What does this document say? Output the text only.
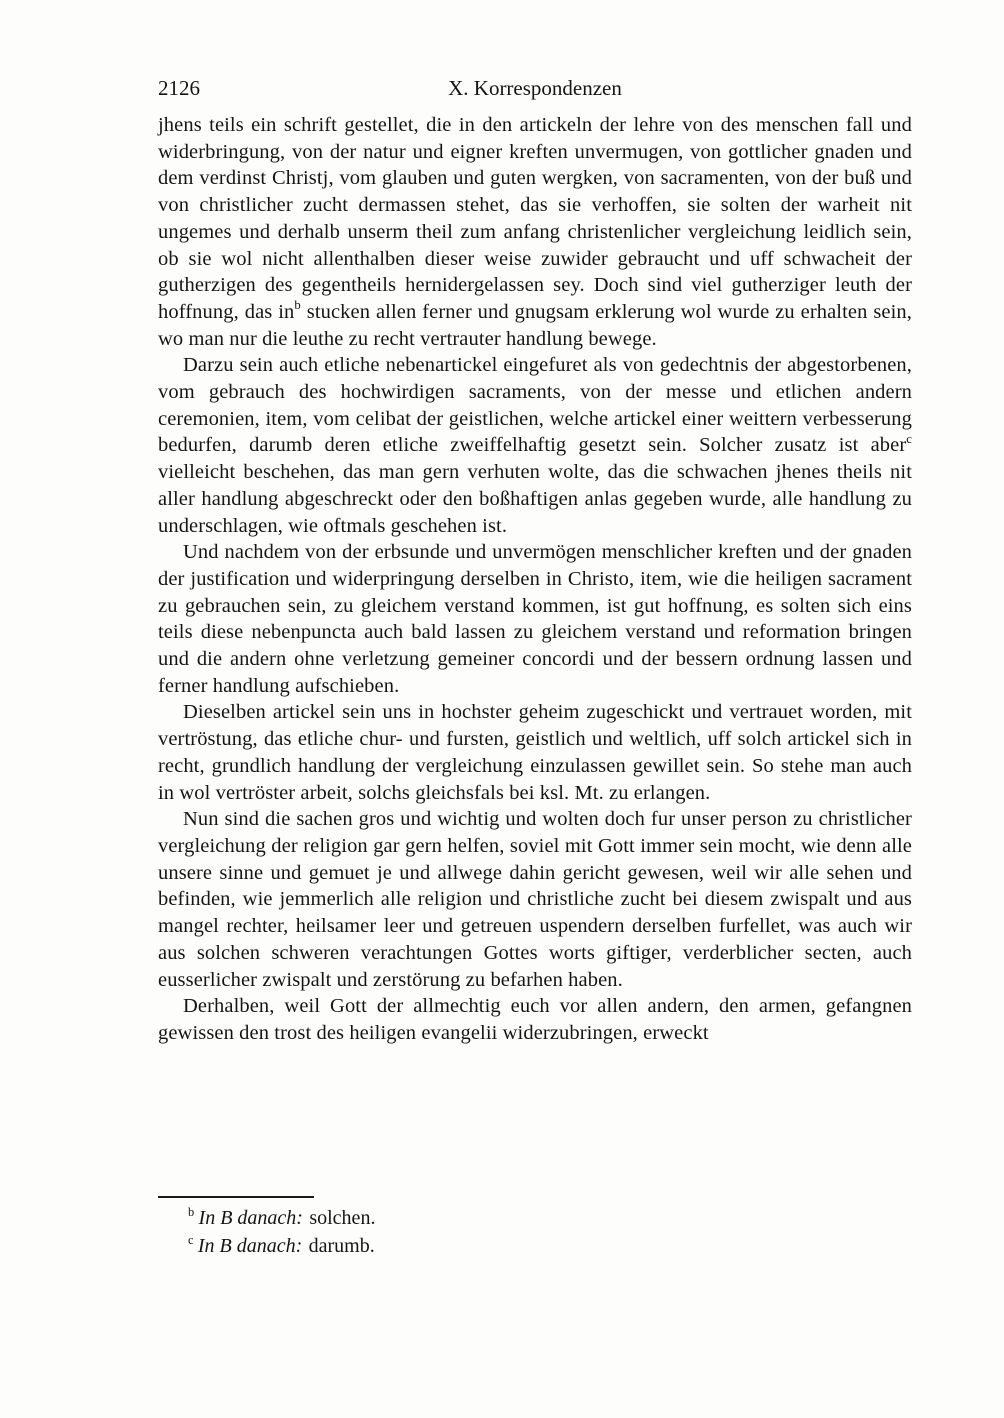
2126	X. Korrespondenzen

jhens teils ein schrift gestellet, die in den artickeln der lehre von des menschen fall und widerbringung, von der natur und eigner kreften unvermugen, von gottlicher gnaden und dem verdinst Christj, vom glauben und guten wergken, von sacramenten, von der buß und von christlicher zucht dermassen stehet, das sie verhoffen, sie solten der warheit nit ungemes und derhalb unserm theil zum anfang christenlicher vergleichung leidlich sein, ob sie wol nicht allenthalben dieser weise zuwider gebraucht und uff schwacheit der gutherzigen des gegentheils hernidergelassen sey. Doch sind viel gutherziger leuth der hoffnung, das in$^b$ stucken allen ferner und gnugsam erklerung wol wurde zu erhalten sein, wo man nur die leuthe zu recht vertrauter handlung bewege.

Darzu sein auch etliche nebenartickel eingefuret als von gedechtnis der abgestorbenen, vom gebrauch des hochwirdigen sacraments, von der messe und etlichen andern ceremonien, item, vom celibat der geistlichen, welche artickel einer weittern verbesserung bedurfen, darumb deren etliche zweiffelhaftig gesetzt sein. Solcher zusatz ist aber$^c$ vielleicht beschehen, das man gern verhuten wolte, das die schwachen jhenes theils nit aller handlung abgeschreckt oder den boßhaftigen anlas gegeben wurde, alle handlung zu underschlagen, wie oftmals geschehen ist.

Und nachdem von der erbsunde und unvermögen menschlicher kreften und der gnaden der justification und widerpringung derselben in Christo, item, wie die heiligen sacrament zu gebrauchen sein, zu gleichem verstand kommen, ist gut hoffnung, es solten sich eins teils diese nebenpuncta auch bald lassen zu gleichem verstand und reformation bringen und die andern ohne verletzung gemeiner concordi und der bessern ordnung lassen und ferner handlung aufschieben.

Dieselben artickel sein uns in hochster geheim zugeschickt und vertrauet worden, mit vertröstung, das etliche chur- und fursten, geistlich und weltlich, uff solch artickel sich in recht, grundlich handlung der vergleichung einzulassen gewillet sein. So stehe man auch in wol vertröster arbeit, solchs gleichsfals bei ksl. Mt. zu erlangen.

Nun sind die sachen gros und wichtig und wolten doch fur unser person zu christlicher vergleichung der religion gar gern helfen, soviel mit Gott immer sein mocht, wie denn alle unsere sinne und gemuet je und allwege dahin gericht gewesen, weil wir alle sehen und befinden, wie jemmerlich alle religion und christliche zucht bei diesem zwispalt und aus mangel rechter, heilsamer leer und getreuen uspendern derselben furfellet, was auch wir aus solchen schweren verachtungen Gottes worts giftiger, verderblicher secten, auch eusserlicher zwispalt und zerstörung zu befarhen haben.

Derhalben, weil Gott der allmechtig euch vor allen andern, den armen, gefangnen gewissen den trost des heiligen evangelii widerzubringen, erweckt

$^b$ In B danach: solchen.
$^c$ In B danach: darumb.
